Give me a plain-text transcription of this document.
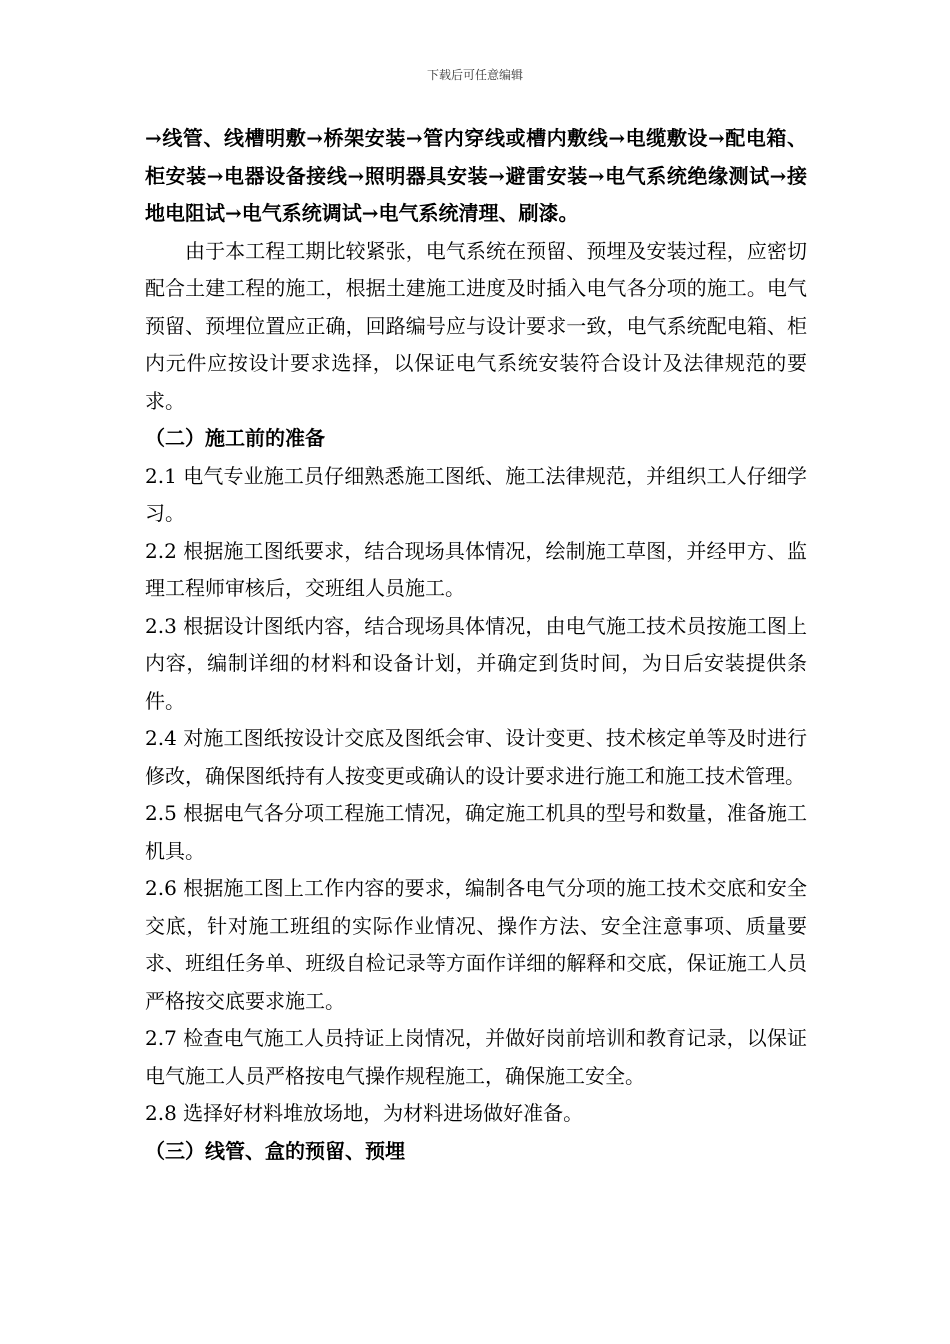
下载后可任意编辑

→线管、线槽明敷→桥架安装→管内穿线或槽内敷线→电缆敷设→配电箱、柜安装→电器设备接线→照明器具安装→避雷安装→电气系统绝缘测试→接地电阻试→电气系统调试→电气系统清理、刷漆。

由于本工程工期比较紧张，电气系统在预留、预埋及安装过程，应密切配合土建工程的施工，根据土建施工进度及时插入电气各分项的施工。电气预留、预埋位置应正确，回路编号应与设计要求一致，电气系统配电箱、柜内元件应按设计要求选择，以保证电气系统安装符合设计及法律规范的要求。

（二）施工前的准备

2.1 电气专业施工员仔细熟悉施工图纸、施工法律规范，并组织工人仔细学习。

2.2 根据施工图纸要求，结合现场具体情况，绘制施工草图，并经甲方、监理工程师审核后，交班组人员施工。

2.3 根据设计图纸内容，结合现场具体情况，由电气施工技术员按施工图上内容，编制详细的材料和设备计划，并确定到货时间，为日后安装提供条件。

2.4 对施工图纸按设计交底及图纸会审、设计变更、技术核定单等及时进行修改，确保图纸持有人按变更或确认的设计要求进行施工和施工技术管理。

2.5 根据电气各分项工程施工情况，确定施工机具的型号和数量，准备施工机具。

2.6 根据施工图上工作内容的要求，编制各电气分项的施工技术交底和安全交底，针对施工班组的实际作业情况、操作方法、安全注意事项、质量要求、班组任务单、班级自检记录等方面作详细的解释和交底，保证施工人员严格按交底要求施工。

2.7 检查电气施工人员持证上岗情况，并做好岗前培训和教育记录，以保证电气施工人员严格按电气操作规程施工，确保施工安全。

2.8 选择好材料堆放场地，为材料进场做好准备。

（三）线管、盒的预留、预埋
